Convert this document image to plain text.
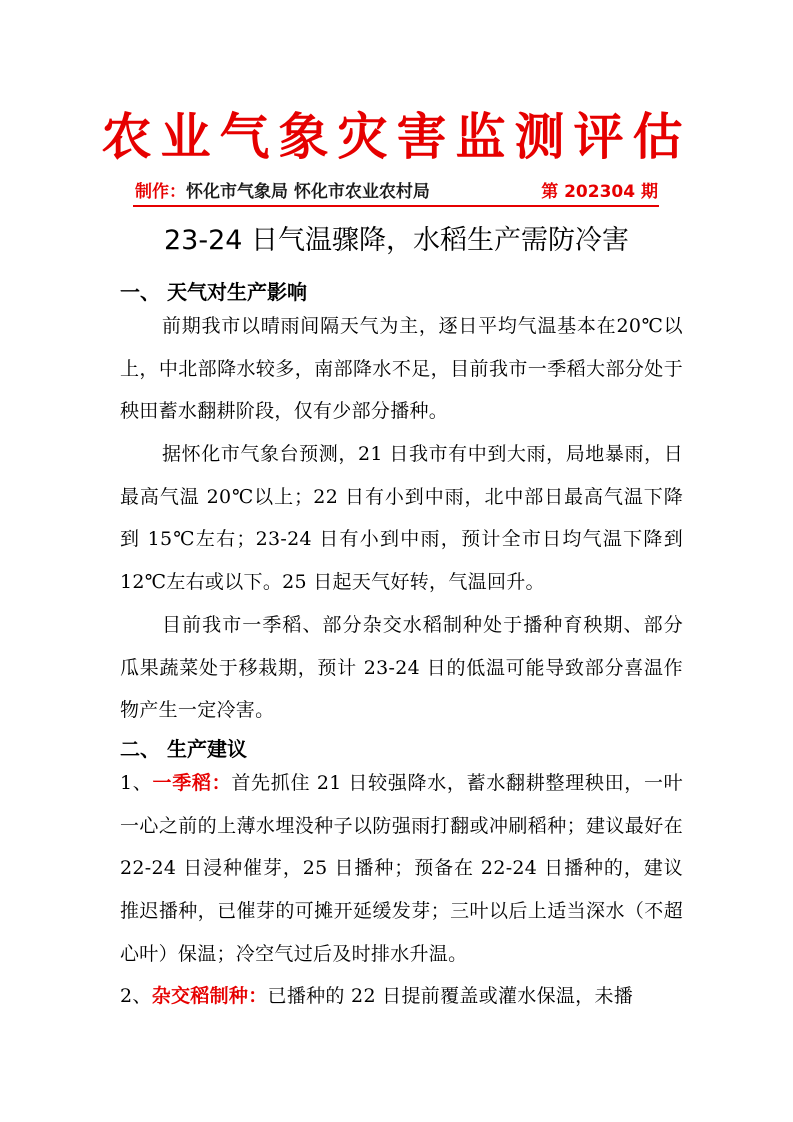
农业气象灾害监测评估
制作：怀化市气象局 怀化市农业农村局	第 202304 期
23-24 日气温骤降，水稻生产需防冷害
一、 天气对生产影响
前期我市以晴雨间隔天气为主，逐日平均气温基本在20℃以上，中北部降水较多，南部降水不足，目前我市一季稻大部分处于秧田蓄水翻耕阶段，仅有少部分播种。
据怀化市气象台预测，21 日我市有中到大雨，局地暴雨，日最高气温 20℃以上；22 日有小到中雨，北中部日最高气温下降到 15℃左右；23-24 日有小到中雨，预计全市日均气温下降到 12℃左右或以下。25 日起天气好转，气温回升。
目前我市一季稻、部分杂交水稻制种处于播种育秧期、部分瓜果蔬菜处于移栽期，预计 23-24 日的低温可能导致部分喜温作物产生一定冷害。
二、 生产建议
1、一季稻：首先抓住 21 日较强降水，蓄水翻耕整理秧田，一叶一心之前的上薄水埋没种子以防强雨打翻或冲刷稻种；建议最好在 22-24 日浸种催芽，25 日播种；预备在 22-24 日播种的，建议推迟播种，已催芽的可摊开延缓发芽；三叶以后上适当深水（不超心叶）保温；冷空气过后及时排水升温。
2、杂交稻制种：已播种的 22 日提前覆盖或灌水保温，未播
